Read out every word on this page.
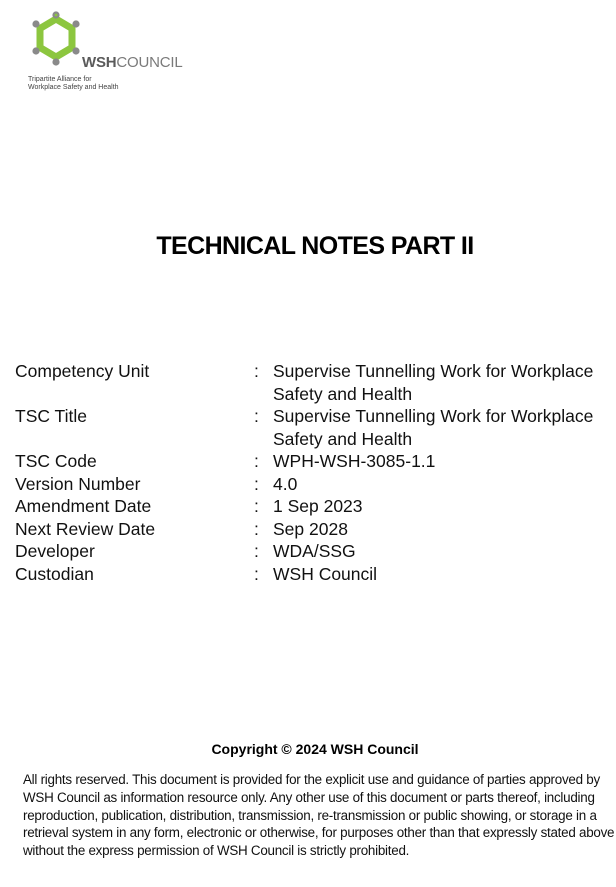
WSHCOUNCIL
Tripartite Alliance for
Workplace Safety and Health
TECHNICAL NOTES PART II
Competency Unit	: Supervise Tunnelling Work for Workplace Safety and Health
TSC Title	: Supervise Tunnelling Work for Workplace Safety and Health
TSC Code	: WPH-WSH-3085-1.1
Version Number	: 4.0
Amendment Date	: 1 Sep 2023
Next Review Date	: Sep 2028
Developer	: WDA/SSG
Custodian	: WSH Council
Copyright © 2024 WSH Council
All rights reserved. This document is provided for the explicit use and guidance of parties approved by WSH Council as information resource only. Any other use of this document or parts thereof, including reproduction, publication, distribution, transmission, re-transmission or public showing, or storage in a retrieval system in any form, electronic or otherwise, for purposes other than that expressly stated above without the express permission of WSH Council is strictly prohibited.
